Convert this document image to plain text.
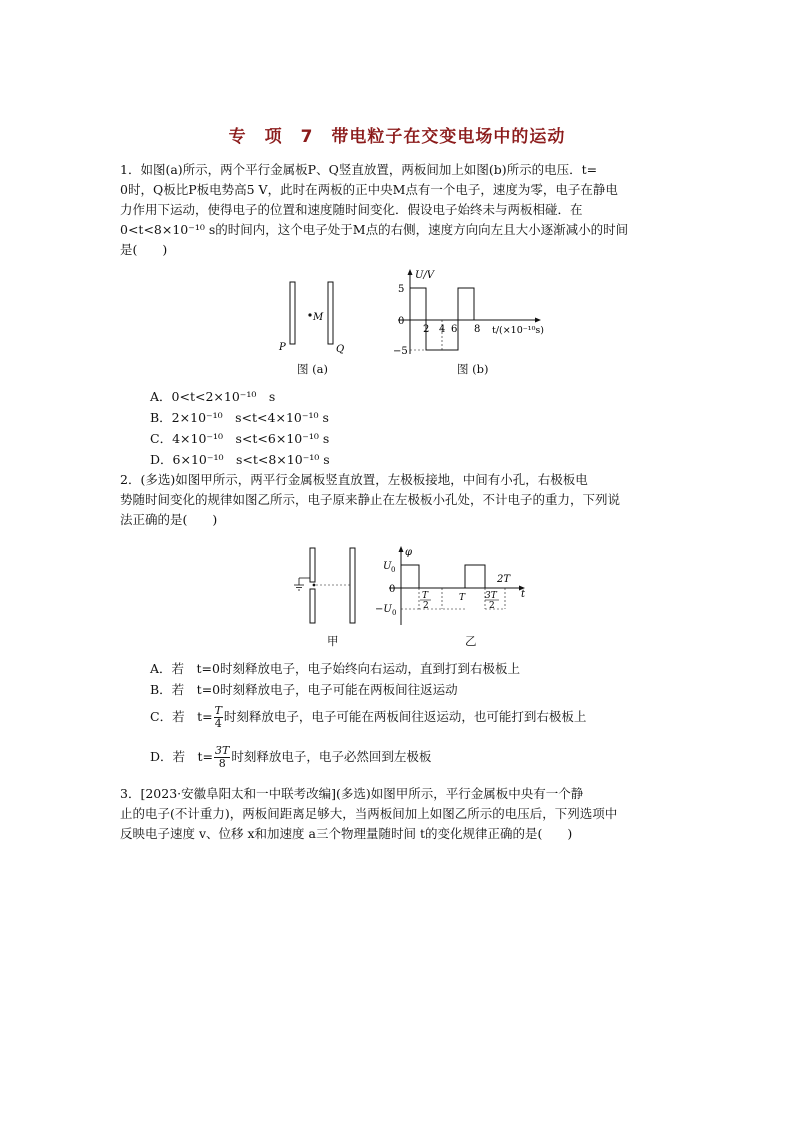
专　项　7　带电粒子在交变电场中的运动
1．如图(a)所示，两个平行金属板P、Q竖直放置，两板间加上如图(b)所示的电压．t=
0时，Q板比P板电势高5 V，此时在两板的正中央M点有一个电子，速度为零，电子在静电
力作用下运动，使得电子的位置和速度随时间变化．假设电子始终未与两板相碰．在
0<t<8×10⁻¹⁰ s的时间内，这个电子处于M点的右侧，速度方向向左且大小逐渐减小的时间
是(　　)
M
P	Q
图 (a)
U/V
5
0
−5
2 4 6 8 t/(×10⁻¹⁰s)
图 (b)
A．0<t<2×10⁻¹⁰　s
B．2×10⁻¹⁰　s<t<4×10⁻¹⁰ s
C．4×10⁻¹⁰　s<t<6×10⁻¹⁰ s
D．6×10⁻¹⁰　s<t<8×10⁻¹⁰ s
2．(多选)如图甲所示，两平行金属板竖直放置，左极板接地，中间有小孔，右极板电
势随时间变化的规律如图乙所示，电子原来静止在左极板小孔处，不计电子的重力，下列说
法正确的是(　　)
甲
φ
U 0
0
−U 0
T
2
T 3T
2
2T
t
乙
A．若　t=0时刻释放电子，电子始终向右运动，直到打到右极板上
B．若　t=0时刻释放电子，电子可能在两板间往返运动
C．若　$t= \frac{T}{4}$ 时刻释放电子，电子可能在两板间往返运动，也可能打到右极板上
D．若　$t= \frac{3T}{8}$ 时刻释放电子，电子必然回到左极板
3．[2023·安徽阜阳太和一中联考改编](多选)如图甲所示，平行金属板中央有一个静
止的电子(不计重力)，两板间距离足够大，当两板间加上如图乙所示的电压后，下列选项中
反映电子速度 v、位移 x和加速度 a三个物理量随时间 t的变化规律正确的是(　　)
